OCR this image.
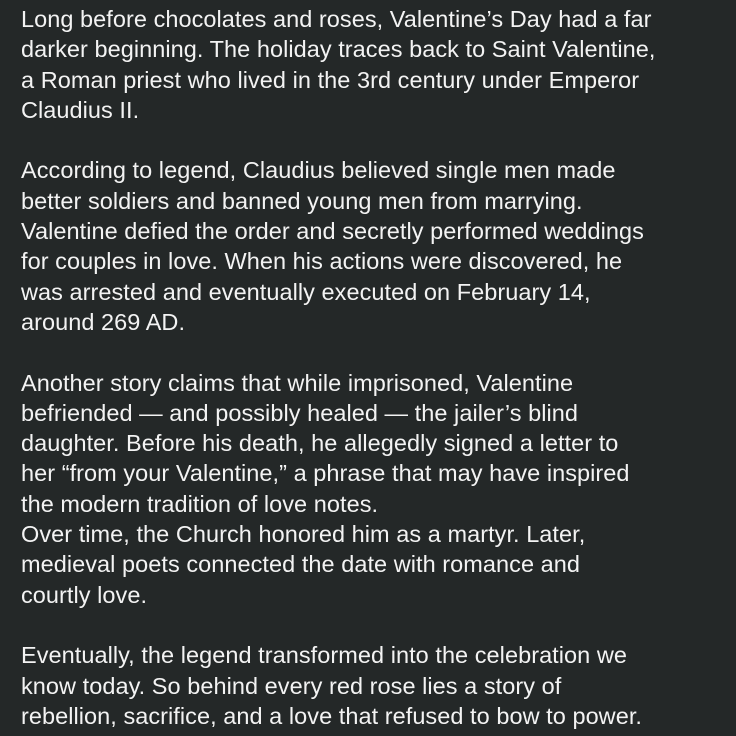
Long before chocolates and roses, Valentine’s Day had a far
darker beginning. The holiday traces back to Saint Valentine,
a Roman priest who lived in the 3rd century under Emperor
Claudius II.
According to legend, Claudius believed single men made
better soldiers and banned young men from marrying.
Valentine defied the order and secretly performed weddings
for couples in love. When his actions were discovered, he
was arrested and eventually executed on February 14,
around 269 AD.
Another story claims that while imprisoned, Valentine
befriended — and possibly healed — the jailer’s blind
daughter. Before his death, he allegedly signed a letter to
her “from your Valentine,” a phrase that may have inspired
the modern tradition of love notes.
Over time, the Church honored him as a martyr. Later,
medieval poets connected the date with romance and
courtly love.
Eventually, the legend transformed into the celebration we
know today. So behind every red rose lies a story of
rebellion, sacrifice, and a love that refused to bow to power.
